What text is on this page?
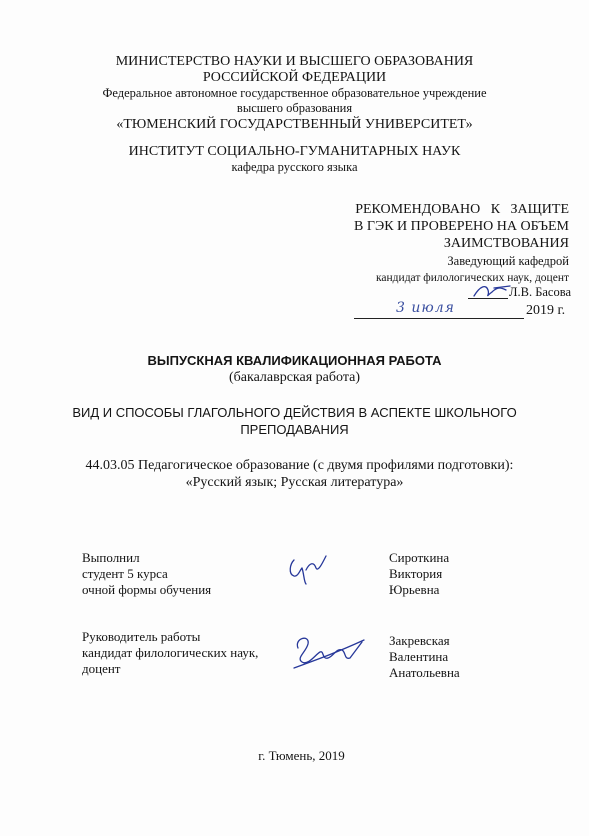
МИНИСТЕРСТВО НАУКИ И ВЫСШЕГО ОБРАЗОВАНИЯ
РОССИЙСКОЙ ФЕДЕРАЦИИ
Федеральное автономное государственное образовательное учреждение
высшего образования
«ТЮМЕНСКИЙ ГОСУДАРСТВЕННЫЙ УНИВЕРСИТЕТ»
ИНСТИТУТ СОЦИАЛЬНО-ГУМАНИТАРНЫХ НАУК
кафедра русского языка
РЕКОМЕНДОВАНО К ЗАЩИТЕ
В ГЭК И ПРОВЕРЕНО НА ОБЪЕМ
ЗАИМСТВОВАНИЯ
Заведующий кафедрой
кандидат филологических наук, доцент
Л.В. Басова
3 июля	2019 г.
ВЫПУСКНАЯ КВАЛИФИКАЦИОННАЯ РАБОТА
(бакалаврская работа)
ВИД И СПОСОБЫ ГЛАГОЛЬНОГО ДЕЙСТВИЯ В АСПЕКТЕ ШКОЛЬНОГО
ПРЕПОДАВАНИЯ
44.03.05 Педагогическое образование (с двумя профилями подготовки):
«Русский язык; Русская литература»
Выполнил
студент 5 курса
очной формы обучения
Сироткина
Виктория
Юрьевна
Руководитель работы
кандидат филологических наук,
доцент
Закревская
Валентина
Анатольевна
г. Тюмень, 2019
